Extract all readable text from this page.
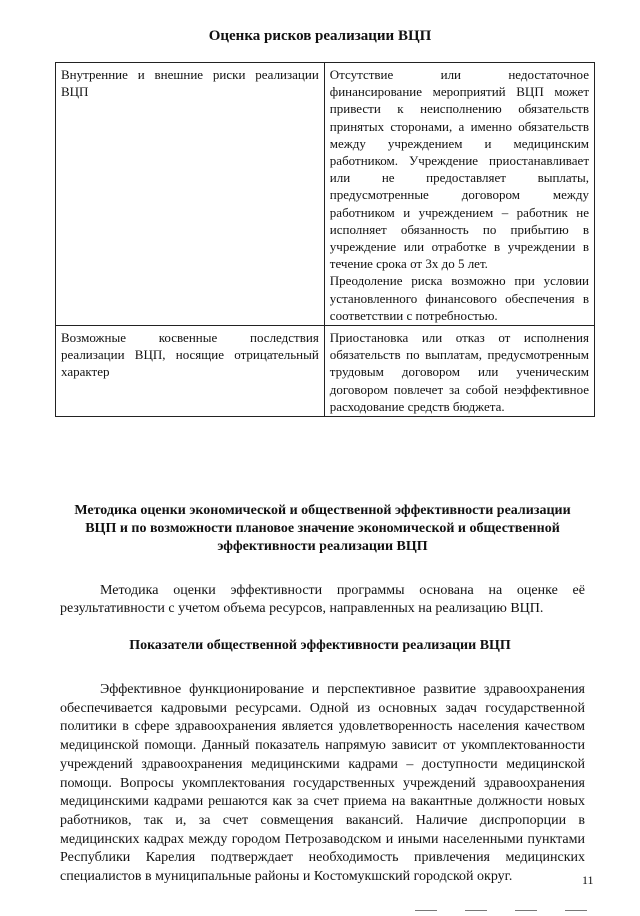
Оценка рисков реализации ВЦП
Внутренние и внешние риски реализации ВЦП	Отсутствие или недостаточное финансирование мероприятий ВЦП может привести к неисполнению обязательств принятых сторонами, а именно обязательств между учреждением и медицинским работником. Учреждение приостанавливает или не предоставляет выплаты, предусмотренные договором между работником и учреждением – работник не исполняет обязанность по прибытию в учреждение или отработке в учреждении в течение срока от 3х до 5 лет.

Преодоление риска возможно при условии установленного финансового обеспечения в соответствии с потребностью.

Возможные косвенные последствия реализации ВЦП, носящие отрицательный характер	Приостановка или отказ от исполнения обязательств по выплатам, предусмотренным трудовым договором или ученическим договором повлечет за собой неэффективное расходование средств бюджета.

Методика оценки экономической и общественной эффективности реализации ВЦП и по возможности плановое значение экономической и общественной эффективности реализации ВЦП

Методика оценки эффективности программы основана на оценке её результативности с учетом объема ресурсов, направленных на реализацию ВЦП.

Показатели общественной эффективности реализации ВЦП

Эффективное функционирование и перспективное развитие здравоохранения обеспечивается кадровыми ресурсами. Одной из основных задач государственной политики в сфере здравоохранения является удовлетворенность населения качеством медицинской помощи. Данный показатель напрямую зависит от укомплектованности учреждений здравоохранения медицинскими кадрами – доступности медицинской помощи. Вопросы укомплектования государственных учреждений здравоохранения медицинскими кадрами решаются как за счет приема на вакантные должности новых работников, так и, за счет совмещения вакансий. Наличие диспропорции в медицинских кадрах между городом Петрозаводском и иными населенными пунктами Республики Карелия подтверждает необходимость привлечения медицинских специалистов в муниципальные районы и Костомукшский городской округ.	11
